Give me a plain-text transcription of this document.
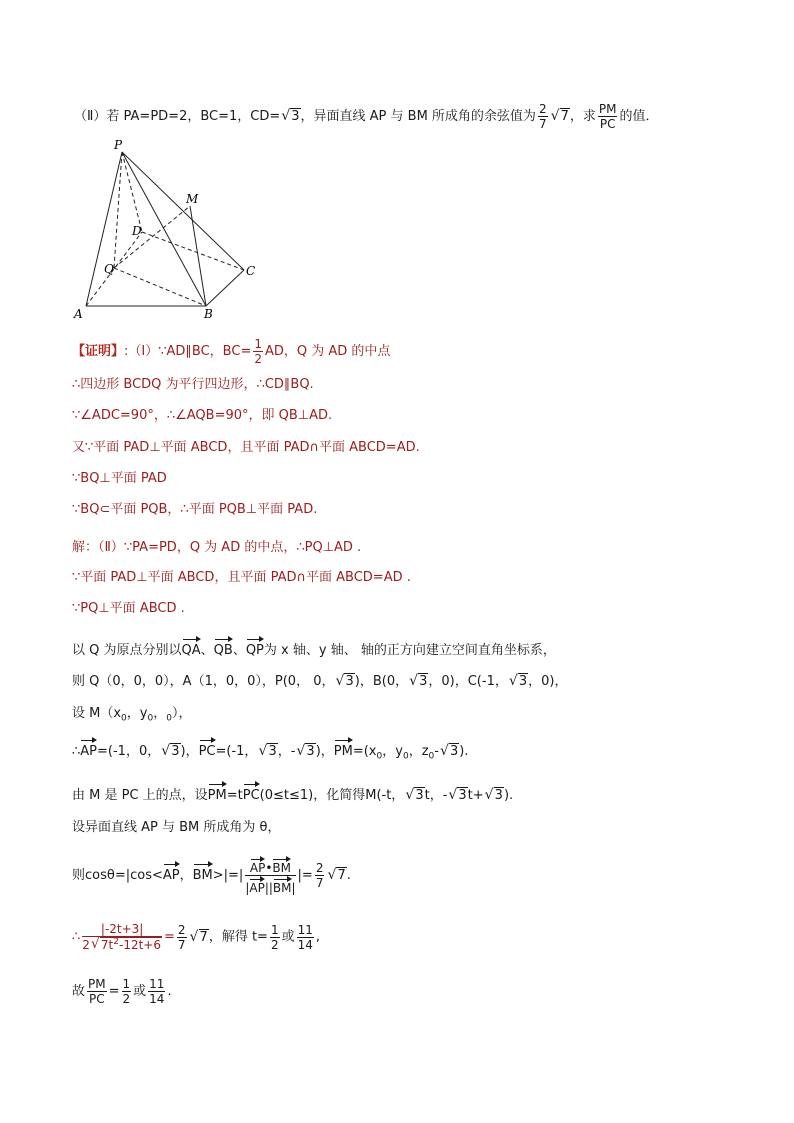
（Ⅱ）若 PA=PD=2，BC=1，CD=√ 3，异面直线 AP 与 BM 所成角的余弦值为 $\frac{2}{7}$
√ 7，求 $\frac{PM}{PC}$ 的值．
P
M
D
Q	C
A	B
【证明】:（Ⅰ）∵AD∥BC，$BC= \frac{1}{2}$ AD，Q 为 AD 的中点
∴四边形 BCDQ 为平行四边形，∴CD∥BQ.
∵∠ADC=90°，∴∠AQB=90°，即 QB⊥AD.
又∵平面 PAD⊥平面 ABCD，且平面 PAD∩平面 ABCD=AD.
∵BQ⊥平面 PAD
∵BQ⊂平面 PQB，∴平面 PQB⊥平面 PAD.
解：（Ⅱ）∵PA=PD，Q 为 AD 的中点，∴PQ⊥AD .
∵平面 PAD⊥平面 ABCD，且平面 PAD∩平面 ABCD=AD .
∵PQ⊥平面 ABCD .
以 Q 为原点分别以QA、QB、QP为 x 轴、y 轴、 轴的正方向建立空间直角坐标系，
则 Q（0，0，0），A（1，0，0），P(0， 0，√ 3)，B(0，√ 3，0)，C(-1，√ 3，0)，
设 $M(x_0$，$y_0$，$_0$），
∴AP=(-1，0，√ 3)，PC=(-1，√ 3，-√ 3)，$PM=(x_0$，$y_0$，$z_0-√$ 3).
由 M 是 PC 上的点，设PM=tPC(0≤t≤1)，化简得M(-t，√ 3t，-√ 3t+√ 3).
设异面直线 AP 与 BM 所成角为 θ，
则cosθ=|cos<AP，$BM>|=| \frac{AP•BM}{|AP||BM|}$ |= $\frac{2}{7}$
√ 7.
∴ $\frac{|-2t+3|}{2√ 7t^2-12t+6} = \frac{2}{7}$
√ 7，解得 $t= \frac{1}{2}$ 或 $\frac{11}{14}$ ,
故 $\frac{PM}{PC} = \frac{1}{2}$ 或 $\frac{11}{14}$ .
